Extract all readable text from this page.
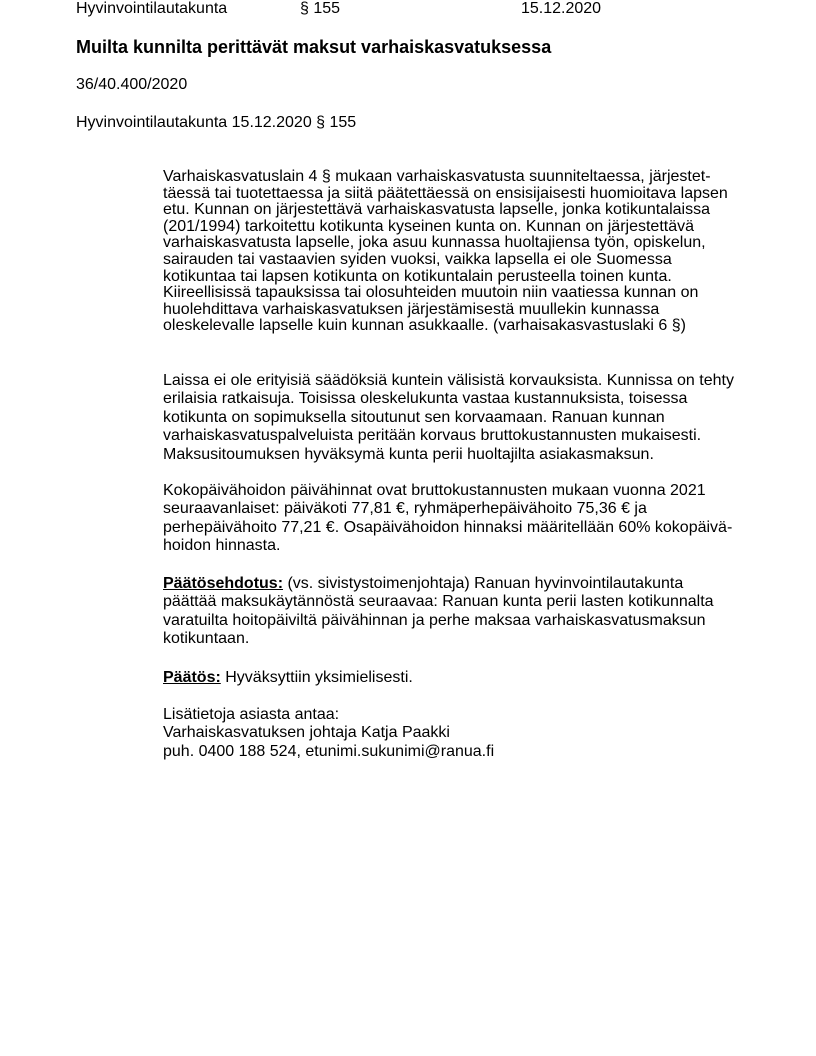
Hyvinvointilautakunta	§ 155	15.12.2020
Muilta kunnilta perittävät maksut varhaiskasvatuksessa
36/40.400/2020
Hyvinvointilautakunta 15.12.2020 § 155
Varhaiskasvatuslain 4 § mukaan varhaiskasvatusta suunniteltaessa, järjestet-
täessä tai tuotettaessa ja siitä päätettäessä on ensisijaisesti huomioitava lapsen
etu. Kunnan on järjestettävä varhaiskasvatusta lapselle, jonka kotikuntalaissa
(201/1994) tarkoitettu kotikunta kyseinen kunta on. Kunnan on järjestettävä
varhaiskasvatusta lapselle, joka asuu kunnassa huoltajiensa työn, opiskelun,
sairauden tai vastaavien syiden vuoksi, vaikka lapsella ei ole Suomessa
kotikuntaa tai lapsen kotikunta on kotikuntalain perusteella toinen kunta.
Kiireellisissä tapauksissa tai olosuhteiden muutoin niin vaatiessa kunnan on
huolehdittava varhaiskasvatuksen järjestämisestä muullekin kunnassa
oleskelevalle lapselle kuin kunnan asukkaalle. (varhaisakasvastuslaki 6 §)
Laissa ei ole erityisiä säädöksiä kuntein välisistä korvauksista. Kunnissa on tehty
erilaisia ratkaisuja. Toisissa oleskelukunta vastaa kustannuksista, toisessa
kotikunta on sopimuksella sitoutunut sen korvaamaan. Ranuan kunnan
varhaiskasvatuspalveluista peritään korvaus bruttokustannusten mukaisesti.
Maksusitoumuksen hyväksymä kunta perii huoltajilta asiakasmaksun.
Kokopäivähoidon päivähinnat ovat bruttokustannusten mukaan vuonna 2021
seuraavanlaiset: päiväkoti 77,81 €, ryhmäperhepäivähoito 75,36 € ja
perhepäivähoito 77,21 €. Osapäivähoidon hinnaksi määritellään 60% kokopäivä-
hoidon hinnasta.
Päätösehdotus: (vs. sivistystoimenjohtaja) Ranuan hyvinvointilautakunta
päättää maksukäytännöstä seuraavaa: Ranuan kunta perii lasten kotikunnalta
varatuilta hoitopäiviltä päivähinnan ja perhe maksaa varhaiskasvatusmaksun
kotikuntaan.
Päätös: Hyväksyttiin yksimielisesti.
Lisätietoja asiasta antaa:
Varhaiskasvatuksen johtaja Katja Paakki
puh. 0400 188 524, etunimi.sukunimi@ranua.fi
